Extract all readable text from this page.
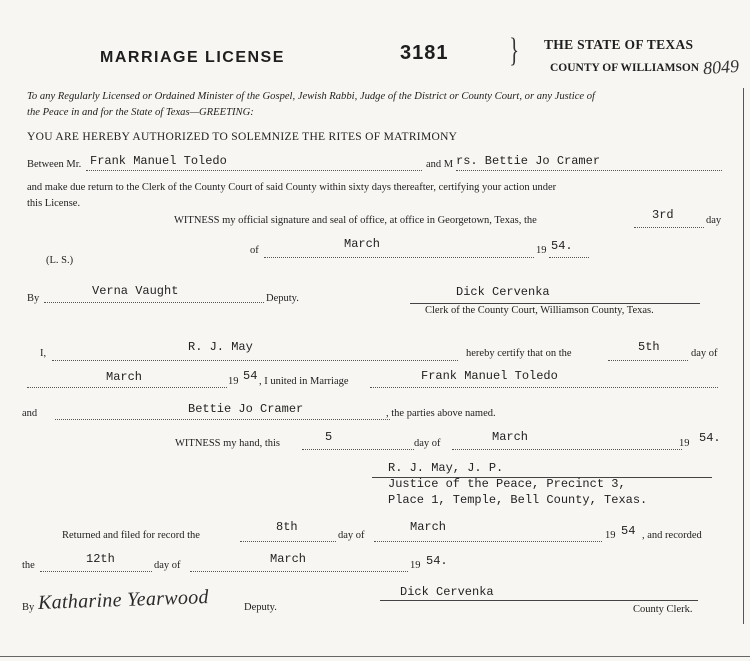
MARRIAGE LICENSE	3181 } THE STATE OF TEXAS
COUNTY OF WILLIAMSON 8049
To any Regularly Licensed or Ordained Minister of the Gospel, Jewish Rabbi, Judge of the District or County Court, or any Justice of
the Peace in and for the State of Texas—GREETING:
YOU ARE HEREBY AUTHORIZED TO SOLEMNIZE THE RITES OF MATRIMONY
Between Mr. Frank Manuel Toledo	and M rs. Bettie Jo Cramer
and make due return to the Clerk of the County Court of said County within sixty days thereafter, certifying your action under
this License.
WITNESS my official signature and seal of office, at office in Georgetown, Texas, the	3rd	day
of	March	19 54.
(L. S.)
By
Verna Vaught
Deputy.	Dick Cervenka
Clerk of the County Court, Williamson County, Texas.
I,	R. J. May	hereby certify that on the	5th	day of
March	19 54 , I united in Marriage	Frank Manuel Toledo
and	Bettie Jo Cramer	, the parties above named.
WITNESS my hand, this	5	day of	March	19 54.
R. J. May, J. P.
Justice of the Peace, Precinct 3,
Place 1, Temple, Bell County, Texas.
Returned and filed for record the
8th
day of
March
19 54 , and recorded
the	12th	day of	March	19 54.
By Katharine Yearwood	Deputy.
Dick Cervenka
County Clerk.
